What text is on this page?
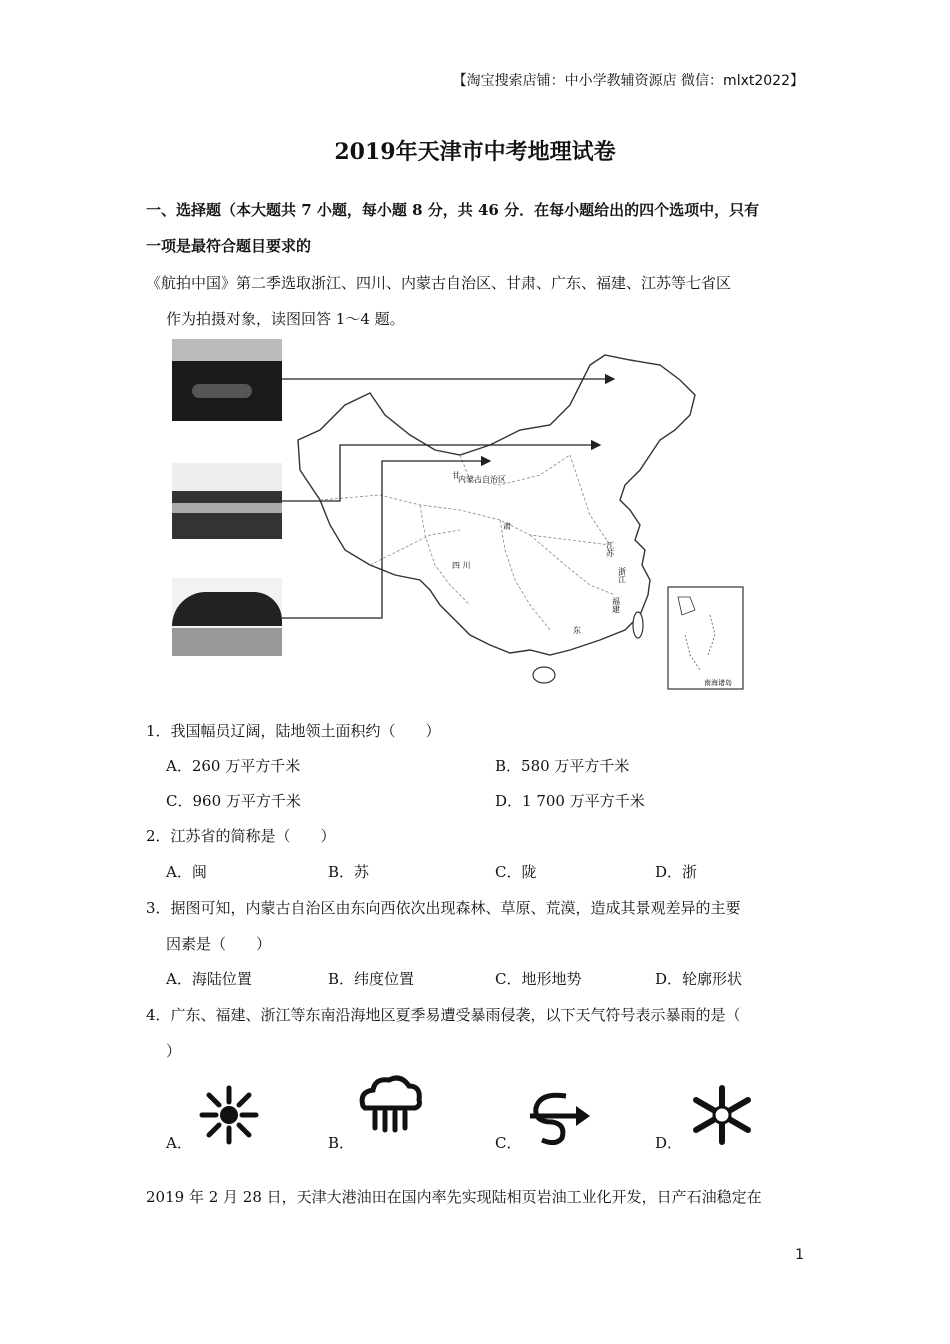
【淘宝搜索店铺：中小学教辅资源店 微信：mlxt2022】
2019年天津市中考地理试卷
一、选择题（本大题共 7 小题，每小题 8 分，共 46 分．在每小题给出的四个选项中，只有
一项是最符合题目要求的
《航拍中国》第二季选取浙江、四川、内蒙古自治区、甘肃、广东、福建、江苏等七省区
作为拍摄对象，读图回答 1～4 题。
内蒙古自治区
甘
肃
四 川
江苏
浙江
福建
东
南海诸岛
1．我国幅员辽阔，陆地领土面积约（　　）
A．260 万平方千米	B．580 万平方千米
C．960 万平方千米	D．1 700 万平方千米
2．江苏省的简称是（　　）
A．闽	B．苏	C．陇	D．浙
3．据图可知，内蒙古自治区由东向西依次出现森林、草原、荒漠，造成其景观差异的主要
因素是（　　）
A．海陆位置	B．纬度位置	C．地形地势	D．轮廓形状
4．广东、福建、浙江等东南沿海地区夏季易遭受暴雨侵袭，以下天气符号表示暴雨的是（
）
A．	B．	C．	D．
2019 年 2 月 28 日，天津大港油田在国内率先实现陆相页岩油工业化开发，日产石油稳定在
1
